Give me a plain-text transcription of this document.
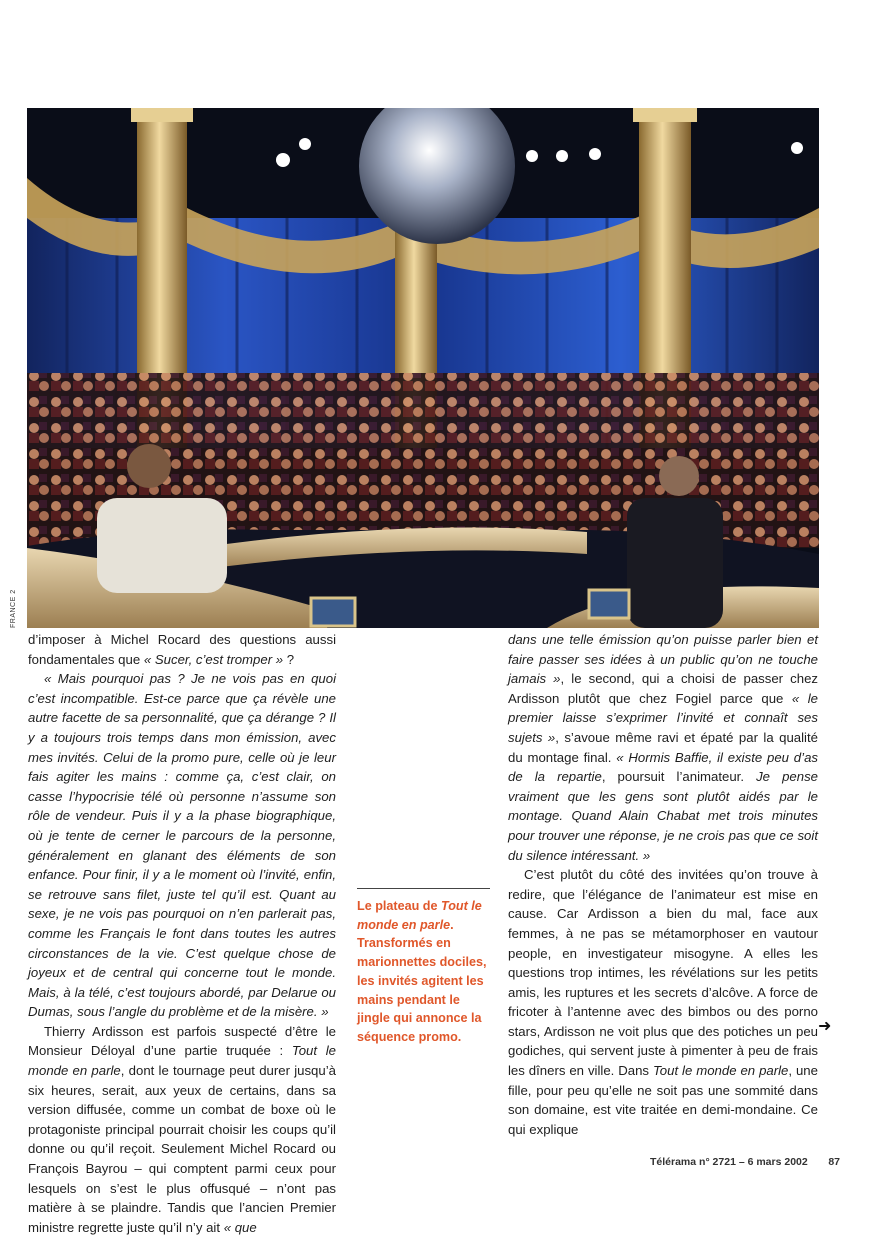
FRANCE 2

d’imposer à Michel Rocard des questions aussi fondamentales que « Sucer, c’est tromper » ?

« Mais pourquoi pas ? Je ne vois pas en quoi c’est incompatible. Est-ce parce que ça révèle une autre facette de sa personnalité, que ça dérange ? Il y a toujours trois temps dans mon émission, avec mes invités. Celui de la promo pure, celle où je leur fais agiter les mains : comme ça, c’est clair, on casse l’hypocrisie télé où personne n’assume son rôle de vendeur. Puis il y a la phase biographique, où je tente de cerner le parcours de la personne, généralement en glanant des éléments de son enfance. Pour finir, il y a le moment où l’invité, enfin, se retrouve sans filet, juste tel qu’il est. Quant au sexe, je ne vois pas pourquoi on n’en parlerait pas, comme les Français le font dans toutes les autres circonstances de la vie. C’est quelque chose de joyeux et de central qui concerne tout le monde. Mais, à la télé, c’est toujours abordé, par Delarue ou Dumas, sous l’angle du problème et de la misère. »

Thierry Ardisson est parfois suspecté d’être le Monsieur Déloyal d’une partie truquée : Tout le monde en parle, dont le tournage peut durer jusqu’à six heures, serait, aux yeux de certains, dans sa version diffusée, comme un combat de boxe où le protagoniste principal pourrait choisir les coups qu’il donne ou qu’il reçoit. Seulement Michel Rocard ou François Bayrou – qui comptent parmi ceux pour lesquels on s’est le plus offusqué – n’ont pas matière à se plaindre. Tandis que l’ancien Premier ministre regrette juste qu’il n’y ait « que

Le plateau de Tout le monde en parle. Transformés en marionnettes dociles, les invités agitent les mains pendant le jingle qui annonce la séquence promo.

dans une telle émission qu’on puisse parler bien et faire passer ses idées à un public qu’on ne touche jamais », le second, qui a choisi de passer chez Ardisson plutôt que chez Fogiel parce que « le premier laisse s’exprimer l’invité et connaît ses sujets », s’avoue même ravi et épaté par la qualité du montage final. « Hormis Baffie, il existe peu d’as de la repartie, poursuit l’animateur. Je pense vraiment que les gens sont plutôt aidés par le montage. Quand Alain Chabat met trois minutes pour trouver une réponse, je ne crois pas que ce soit du silence intéressant. »

C’est plutôt du côté des invitées qu’on trouve à redire, que l’élégance de l’animateur est mise en cause. Car Ardisson a bien du mal, face aux femmes, à ne pas se métamorphoser en vautour people, en investigateur misogyne. A elles les questions trop intimes, les révélations sur les petits amis, les ruptures et les secrets d’alcôve. A force de fricoter à l’antenne avec des bimbos ou des porno stars, Ardisson ne voit plus que des potiches un peu godiches, qui servent juste à pimenter à peu de frais les dîners en ville. Dans Tout le monde en parle, une fille, pour peu qu’elle ne soit pas une sommité dans son domaine, est vite traitée en demi-mondaine. Ce qui explique

➜
Télérama n° 2721 – 6 mars 2002 87
